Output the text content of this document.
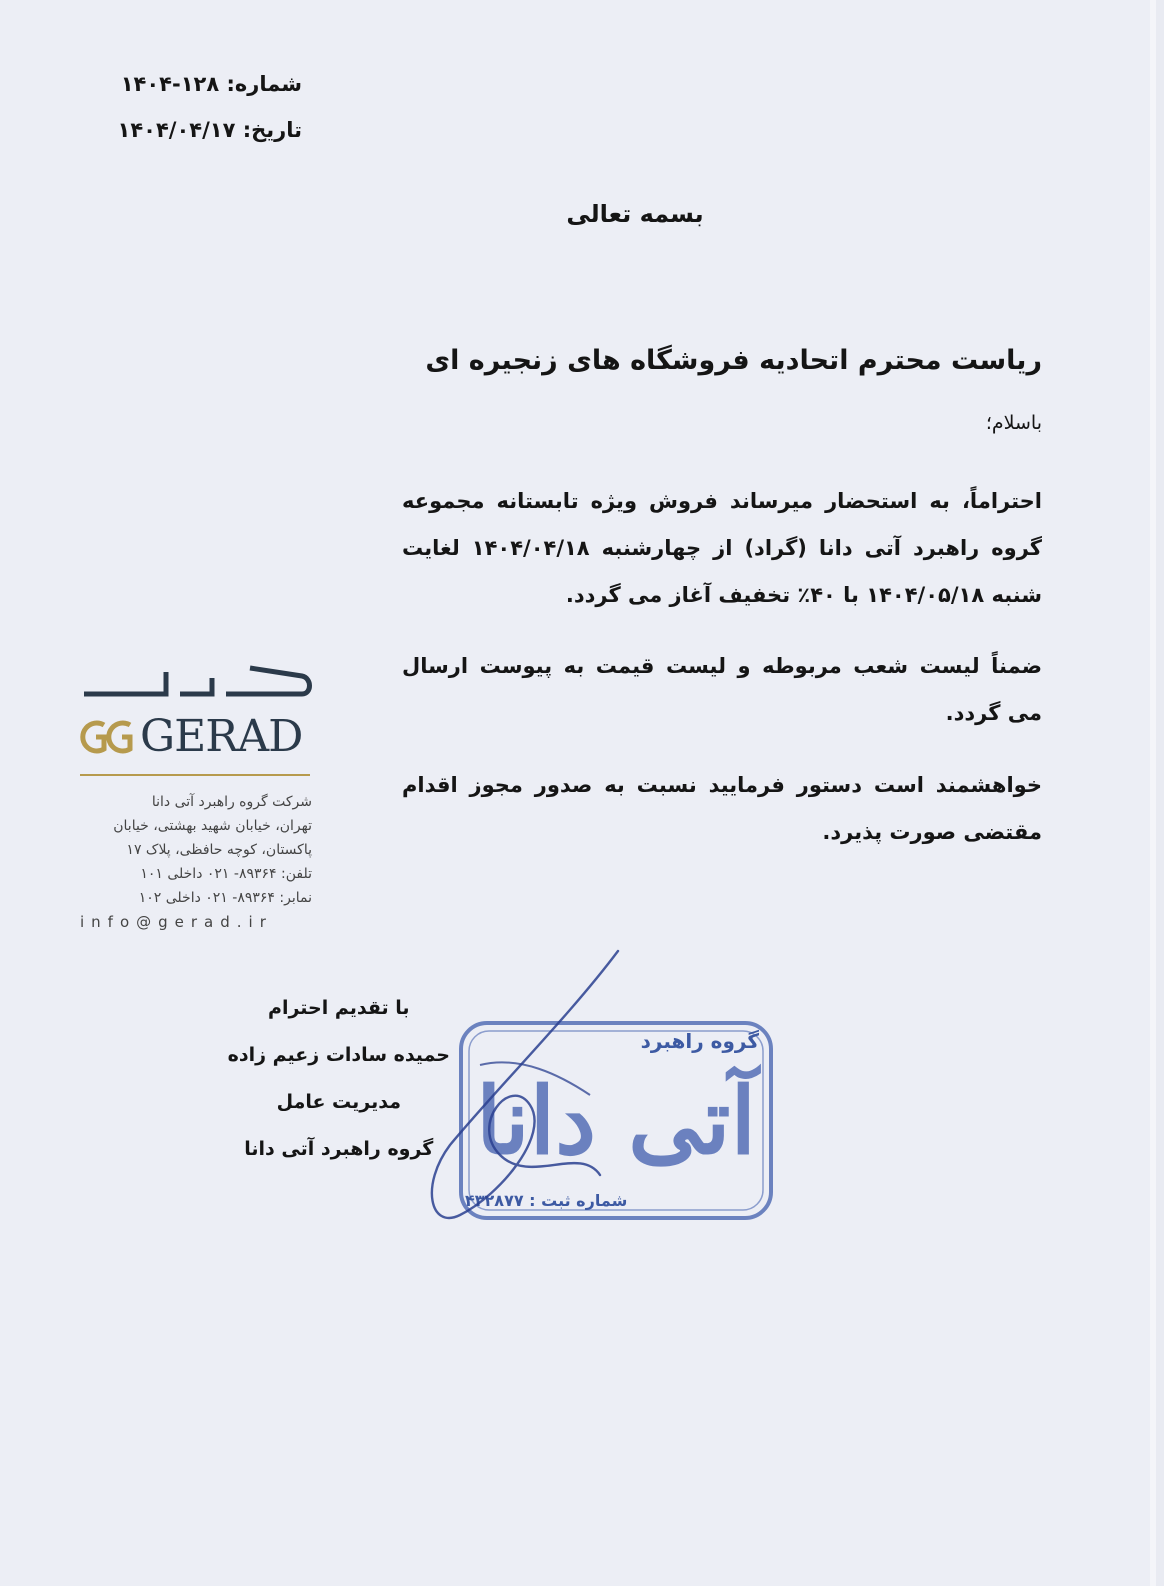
شماره: ۱۲۸-۱۴۰۴
تاریخ: ۱۴۰۴/۰۴/۱۷
بسمه تعالی
ریاست محترم اتحادیه فروشگاه های زنجیره ای
باسلام؛
احتراماً، به استحضار میرساند فروش ویژه تابستانه مجموعه گروه راهبرد آتی دانا (گراد) از چهارشنبه ۱۴۰۴/۰۴/۱۸ لغایت شنبه ۱۴۰۴/۰۵/۱۸ با ۴۰٪ تخفیف آغاز می گردد.
ضمناً لیست شعب مربوطه و لیست قیمت به پیوست ارسال می گردد.
خواهشمند است دستور فرمایید نسبت به صدور مجوز اقدام مقتضی صورت پذیرد.
GERAD
شرکت گروه راهبرد آتی دانا
تهران، خیابان شهید بهشتی، خیابان
پاکستان، کوچه حافظی، پلاک ۱۷
تلفن: ۸۹۳۶۴- ۰۲۱ داخلی ۱۰۱
نمابر: ۸۹۳۶۴- ۰۲۱ داخلی ۱۰۲
info@gerad.ir
گروه راهبرد
آتی دانا
شماره ثبت : ۴۳۲۸۷۷
با تقدیم احترام
حمیده سادات زعیم زاده
مدیریت عامل
گروه راهبرد آتی دانا
